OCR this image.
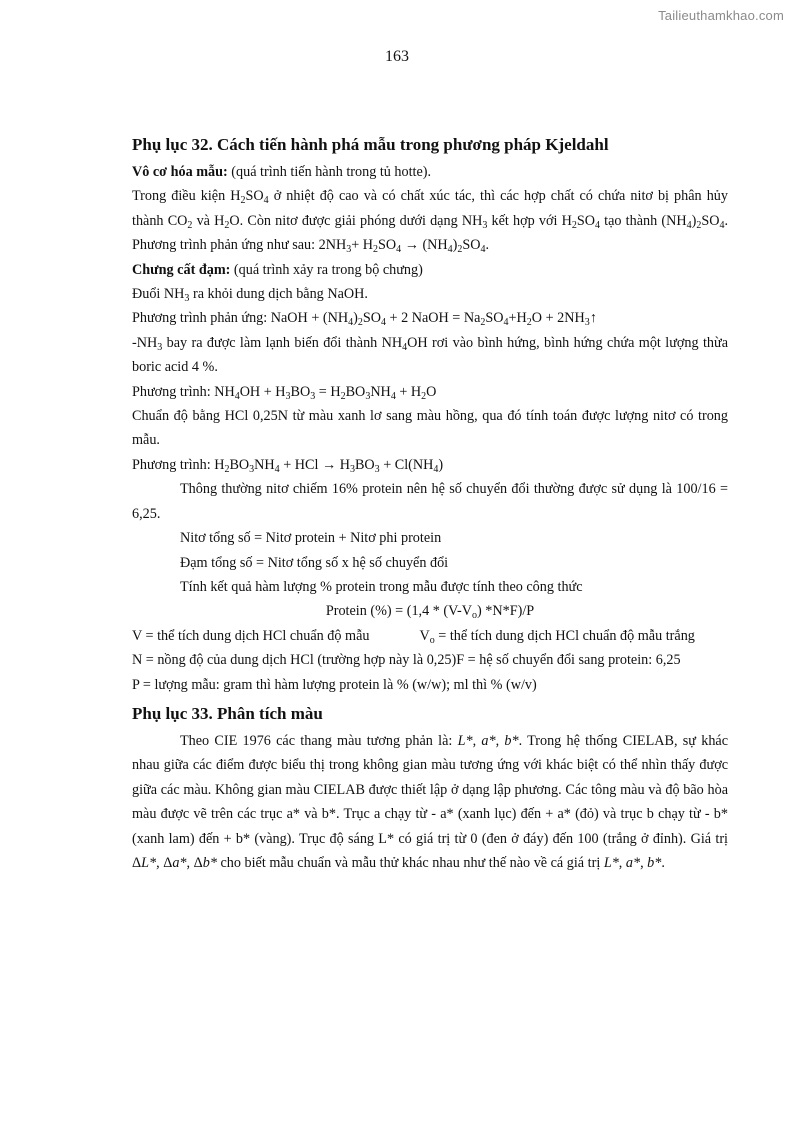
Tailieuthamkhao.com
163
Phụ lục 32. Cách tiến hành phá mẫu trong phương pháp Kjeldahl

Vô cơ hóa mẫu: (quá trình tiến hành trong tủ hotte).

Trong điều kiện $H_2SO_4$ ở nhiệt độ cao và có chất xúc tác, thì các hợp chất có chứa nitơ bị phân hủy thành $CO_2$ và $H_2O$. Còn nitơ được giải phóng dưới dạng $NH_3$ kết hợp với $H_2SO_4$ tạo thành $(NH_4)_2SO_4$. Phương trình phản ứng như sau: $2NH_3+ H_2SO_4 \to (NH_4)_2SO_4$.

Chưng cất đạm: (quá trình xảy ra trong bộ chưng)

Đuổi $NH_3$ ra khỏi dung dịch bằng NaOH.

Phương trình phản ứng: NaOH + $(NH_4)_2SO_4 + 2$ NaOH = $Na_2SO_4+H_2O$ + $2NH_3↑$

$-NH_3$ bay ra được làm lạnh biến đổi thành $NH_4OH$ rơi vào bình hứng, bình hứng chứa một lượng thừa boric acid 4 %.

Phương trình: $NH_4OH + H_3BO_3 = H_2BO_3NH_4 + H_2O$

Chuẩn độ bằng HCl 0,25N từ màu xanh lơ sang màu hồng, qua đó tính toán được lượng nitơ có trong mẫu.

Phương trình: $H_2BO_3NH_4$ + HCl → $H_3BO_3 + Cl(NH_4)$

Thông thường nitơ chiếm 16% protein nên hệ số chuyển đổi thường được sử dụng là 100/16 = 6,25.

Nitơ tổng số = Nitơ protein + Nitơ phi protein

Đạm tổng số = Nitơ tổng số x hệ số chuyển đổi

Tính kết quả hàm lượng % protein trong mẫu được tính theo công thức

Protein (%) = ($1,4 * (V-V_o)$ *N*F)/P

V = thể tích dung dịch HCl chuẩn độ mẫu	$V_o$ = thể tích dung dịch HCl chuẩn độ mẫu trắng

N = nồng độ của dung dịch HCl (trường hợp này là 0,25)F = hệ số chuyển đổi sang protein: 6,25

P = lượng mẫu: gram thì hàm lượng protein là % (w/w); ml thì % (w/v)

Phụ lục 33. Phân tích màu

Theo CIE 1976 các thang màu tương phản là: L*, a*, b*. Trong hệ thống CIELAB, sự khác nhau giữa các điểm được biểu thị trong không gian màu tương ứng với khác biệt có thể nhìn thấy được giữa các màu. Không gian màu CIELAB được thiết lập ở dạng lập phương. Các tông màu và độ bão hòa màu được vẽ trên các trục a* và b*. Trục a chạy từ - a* (xanh lục) đến + a* (đỏ) và trục b chạy từ - b* (xanh lam) đến + b* (vàng). Trục độ sáng L* có giá trị từ 0 (đen ở đáy) đến 100 (trắng ở đỉnh). Giá trị ΔL*, Δa*, Δb* cho biết mẫu chuẩn và mẫu thử khác nhau như thế nào về cá giá trị L*, a*, b*.
